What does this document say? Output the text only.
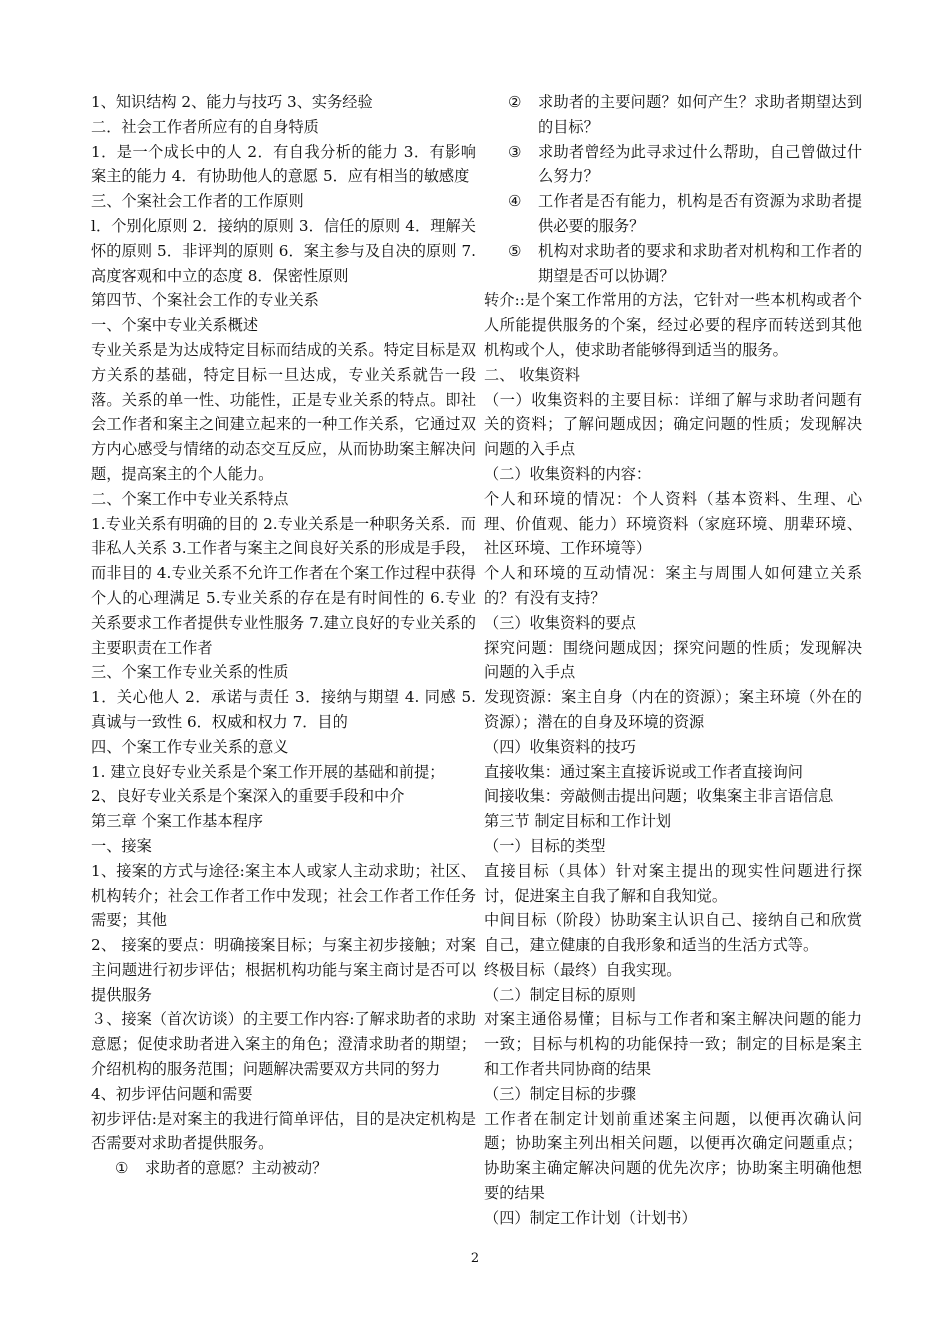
1、知识结构 2、能力与技巧 3、实务经验

二．社会工作者所应有的自身特质

1．是一个成长中的人 2．有自我分析的能力 3．有影响案主的能力 4．有协助他人的意愿 5．应有相当的敏感度

三、个案社会工作者的工作原则

l．个别化原则 2．接纳的原则 3．信任的原则 4．理解关怀的原则 5．非评判的原则 6．案主参与及自决的原则 7. 高度客观和中立的态度 8．保密性原则

第四节、个案社会工作的专业关系

一、个案中专业关系概述

专业关系是为达成特定目标而结成的关系。特定目标是双方关系的基础，特定目标一旦达成，专业关系就告一段落。关系的单一性、功能性，正是专业关系的特点。即社会工作者和案主之间建立起来的一种工作关系，它通过双方内心感受与情绪的动态交互反应，从而协助案主解决问题，提高案主的个人能力。

二、个案工作中专业关系特点

1.专业关系有明确的目的 2.专业关系是一种职务关系．而非私人关系 3.工作者与案主之间良好关系的形成是手段，而非目的 4.专业关系不允许工作者在个案工作过程中获得个人的心理满足 5.专业关系的存在是有时间性的 6.专业关系要求工作者提供专业性服务 7.建立良好的专业关系的主要职责在工作者

三、个案工作专业关系的性质

1．关心他人 2．承诺与责任 3．接纳与期望 4. 同感 5. 真诚与一致性 6．权威和权力 7．目的

四、个案工作专业关系的意义

1. 建立良好专业关系是个案工作开展的基础和前提；

2、良好专业关系是个案深入的重要手段和中介

第三章 个案工作基本程序

一、接案

1、接案的方式与途径:案主本人或家人主动求助；社区、机构转介；社会工作者工作中发现；社会工作者工作任务需要；其他

2、 接案的要点：明确接案目标；与案主初步接触；对案主问题进行初步评估；根据机构功能与案主商讨是否可以提供服务

３、接案（首次访谈）的主要工作内容:了解求助者的求助意愿；促使求助者进入案主的角色；澄清求助者的期望；介绍机构的服务范围；问题解决需要双方共同的努力

4、初步评估问题和需要

初步评估:是对案主的我进行简单评估，目的是决定机构是否需要对求助者提供服务。

①	求助者的意愿？主动被动？
②	求助者的主要问题？如何产生？求助者期望达到的目标？
③	求助者曾经为此寻求过什么帮助，自己曾做过什么努力？
④	工作者是否有能力，机构是否有资源为求助者提供必要的服务？
⑤	机构对求助者的要求和求助者对机构和工作者的期望是否可以协调？

转介::是个案工作常用的方法，它针对一些本机构或者个人所能提供服务的个案，经过必要的程序而转送到其他机构或个人，使求助者能够得到适当的服务。

二、 收集资料

（一）收集资料的主要目标：详细了解与求助者问题有关的资料；了解问题成因；确定问题的性质；发现解决问题的入手点

（二）收集资料的内容：

个人和环境的情况：个人资料（基本资料、生理、心理、价值观、能力）环境资料（家庭环境、朋辈环境、社区环境、工作环境等）

个人和环境的互动情况：案主与周围人如何建立关系的？有没有支持？

（三）收集资料的要点

探究问题：围绕问题成因；探究问题的性质；发现解决问题的入手点

发现资源：案主自身（内在的资源）；案主环境（外在的资源）；潜在的自身及环境的资源

（四）收集资料的技巧

直接收集：通过案主直接诉说或工作者直接询问

间接收集：旁敲侧击提出问题；收集案主非言语信息

第三节 制定目标和工作计划

（一）目标的类型

直接目标（具体）针对案主提出的现实性问题进行探讨，促进案主自我了解和自我知觉。

中间目标（阶段）协助案主认识自己、接纳自己和欣赏自己，建立健康的自我形象和适当的生活方式等。

终极目标（最终）自我实现。

（二）制定目标的原则

对案主通俗易懂；目标与工作者和案主解决问题的能力一致；目标与机构的功能保持一致；制定的目标是案主和工作者共同协商的结果

（三）制定目标的步骤

工作者在制定计划前重述案主问题，以便再次确认问题；协助案主列出相关问题，以便再次确定问题重点；协助案主确定解决问题的优先次序；协助案主明确他想要的结果

（四）制定工作计划（计划书）

2
